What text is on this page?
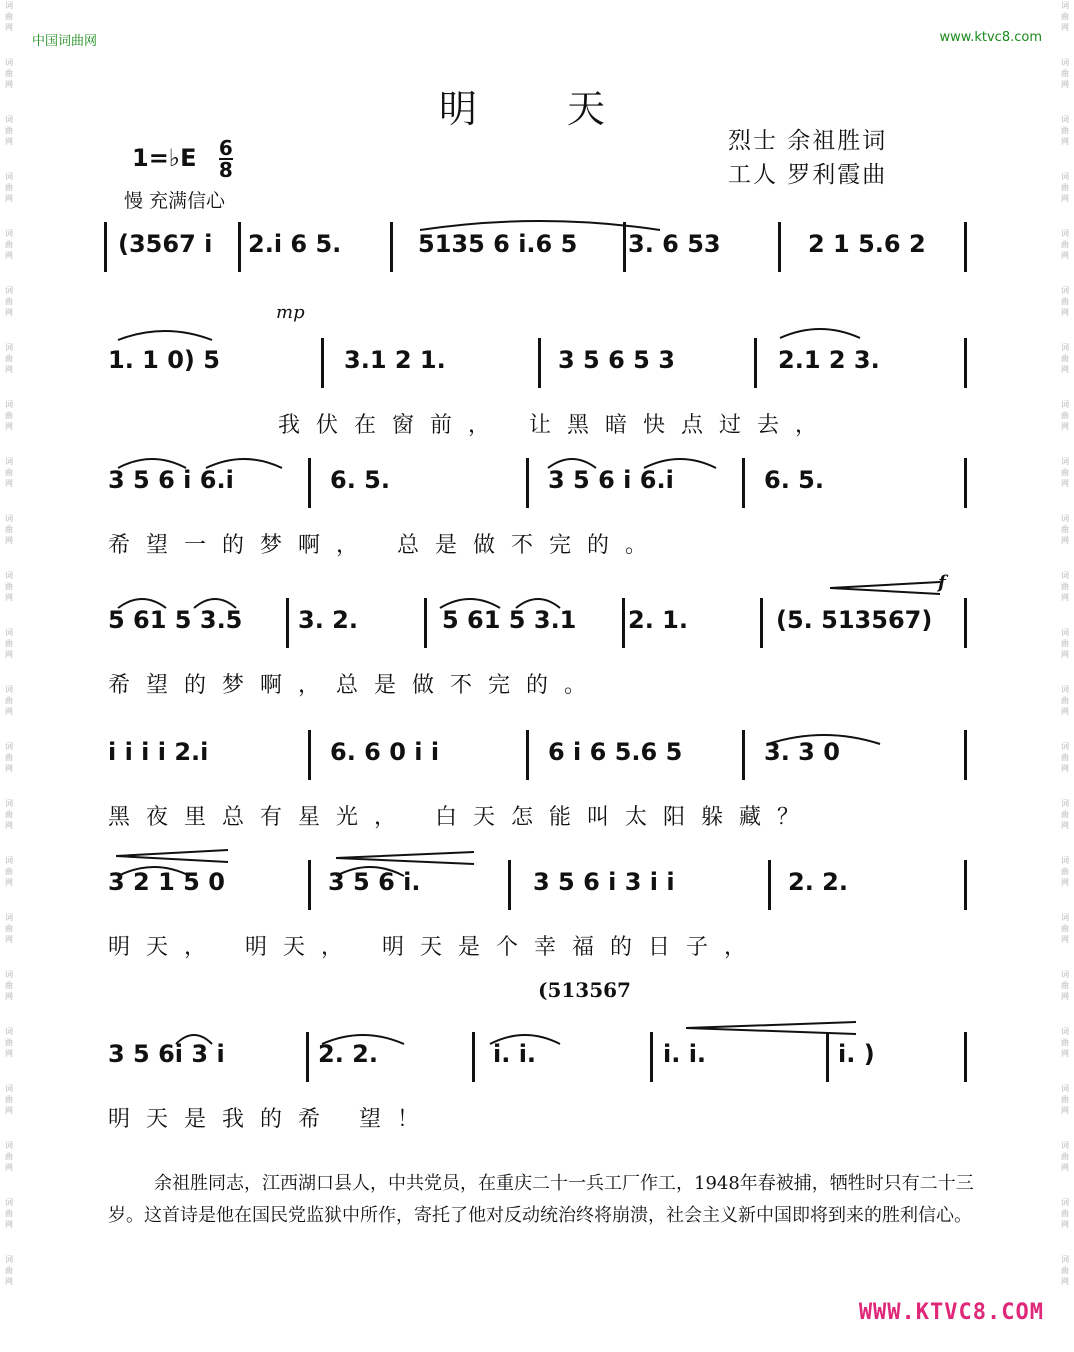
词
曲
网
词
曲
网
词
曲
网
词
曲
网
词
曲
网
词
曲
网
词
曲
网
词
曲
网
词
曲
网
词
曲
网
词
曲
网
词
曲
网
词
曲
网
词
曲
网
词
曲
网
词
曲
网
词
曲
网
词
曲
网
词
曲
网
词
曲
网
词
曲
网
词
曲
网
词
曲
网
词
曲
网
词
曲
网
词
曲
网
词
曲
网
词
曲
网
词
曲
网
词
曲
网
词
曲
网
词
曲
网
词
曲
网
词
曲
网
词
曲
网
词
曲
网
词
曲
网
词
曲
网
词
曲
网
词
曲
网
词
曲
网
词
曲
网
词
曲
网
词
曲
网
词
曲
网
词
曲
网
中国词曲网	www.ktvc8.com
明天
1=♭E $\frac{6}{8}$
慢 充满信心
烈士 余祖胜词
工人 罗利霞曲
(3567 i 2.i 6 5.	5135 6 i.6 5 3. 6 53	2 1 5.6 2
1. 1 0) 5	3.1 2 1.	3 5 6 5 3	2.1 2 3.
我伏在窗前， 让黑暗快点过去，
mp
3 5 6 i 6.i	6. 5.	3 5 6 i 6.i	6. 5.
希望一的梦啊， 总是做不完的。
5 61 5 3.5 3. 2.	5 61 5 3.1 2. 1.	(5. 513567)
希望的梦啊，总是做不完的。
f
i i i i 2.i	6. 6 0 i i	6 i 6 5.6 5	3. 3 0
黑夜里总有星光， 白天怎能叫太阳躲藏？
3 2 1 5 0	3 5 6 i.	3 5 6 i 3 i i	2. 2.
明天， 明天， 明天是个幸福的日子，
3 5 6i 3 i	2. 2.	i. i.	i. i.	i. )
明天是我的希 望！
(513567
余祖胜同志，江西湖口县人，中共党员，在重庆二十一兵工厂作工，1948年春被捕，牺牲时只有二十三岁。这首诗是他在国民党监狱中所作，寄托了他对反动统治终将崩溃，社会主义新中国即将到来的胜利信心。
WWW.KTVC8.COM
